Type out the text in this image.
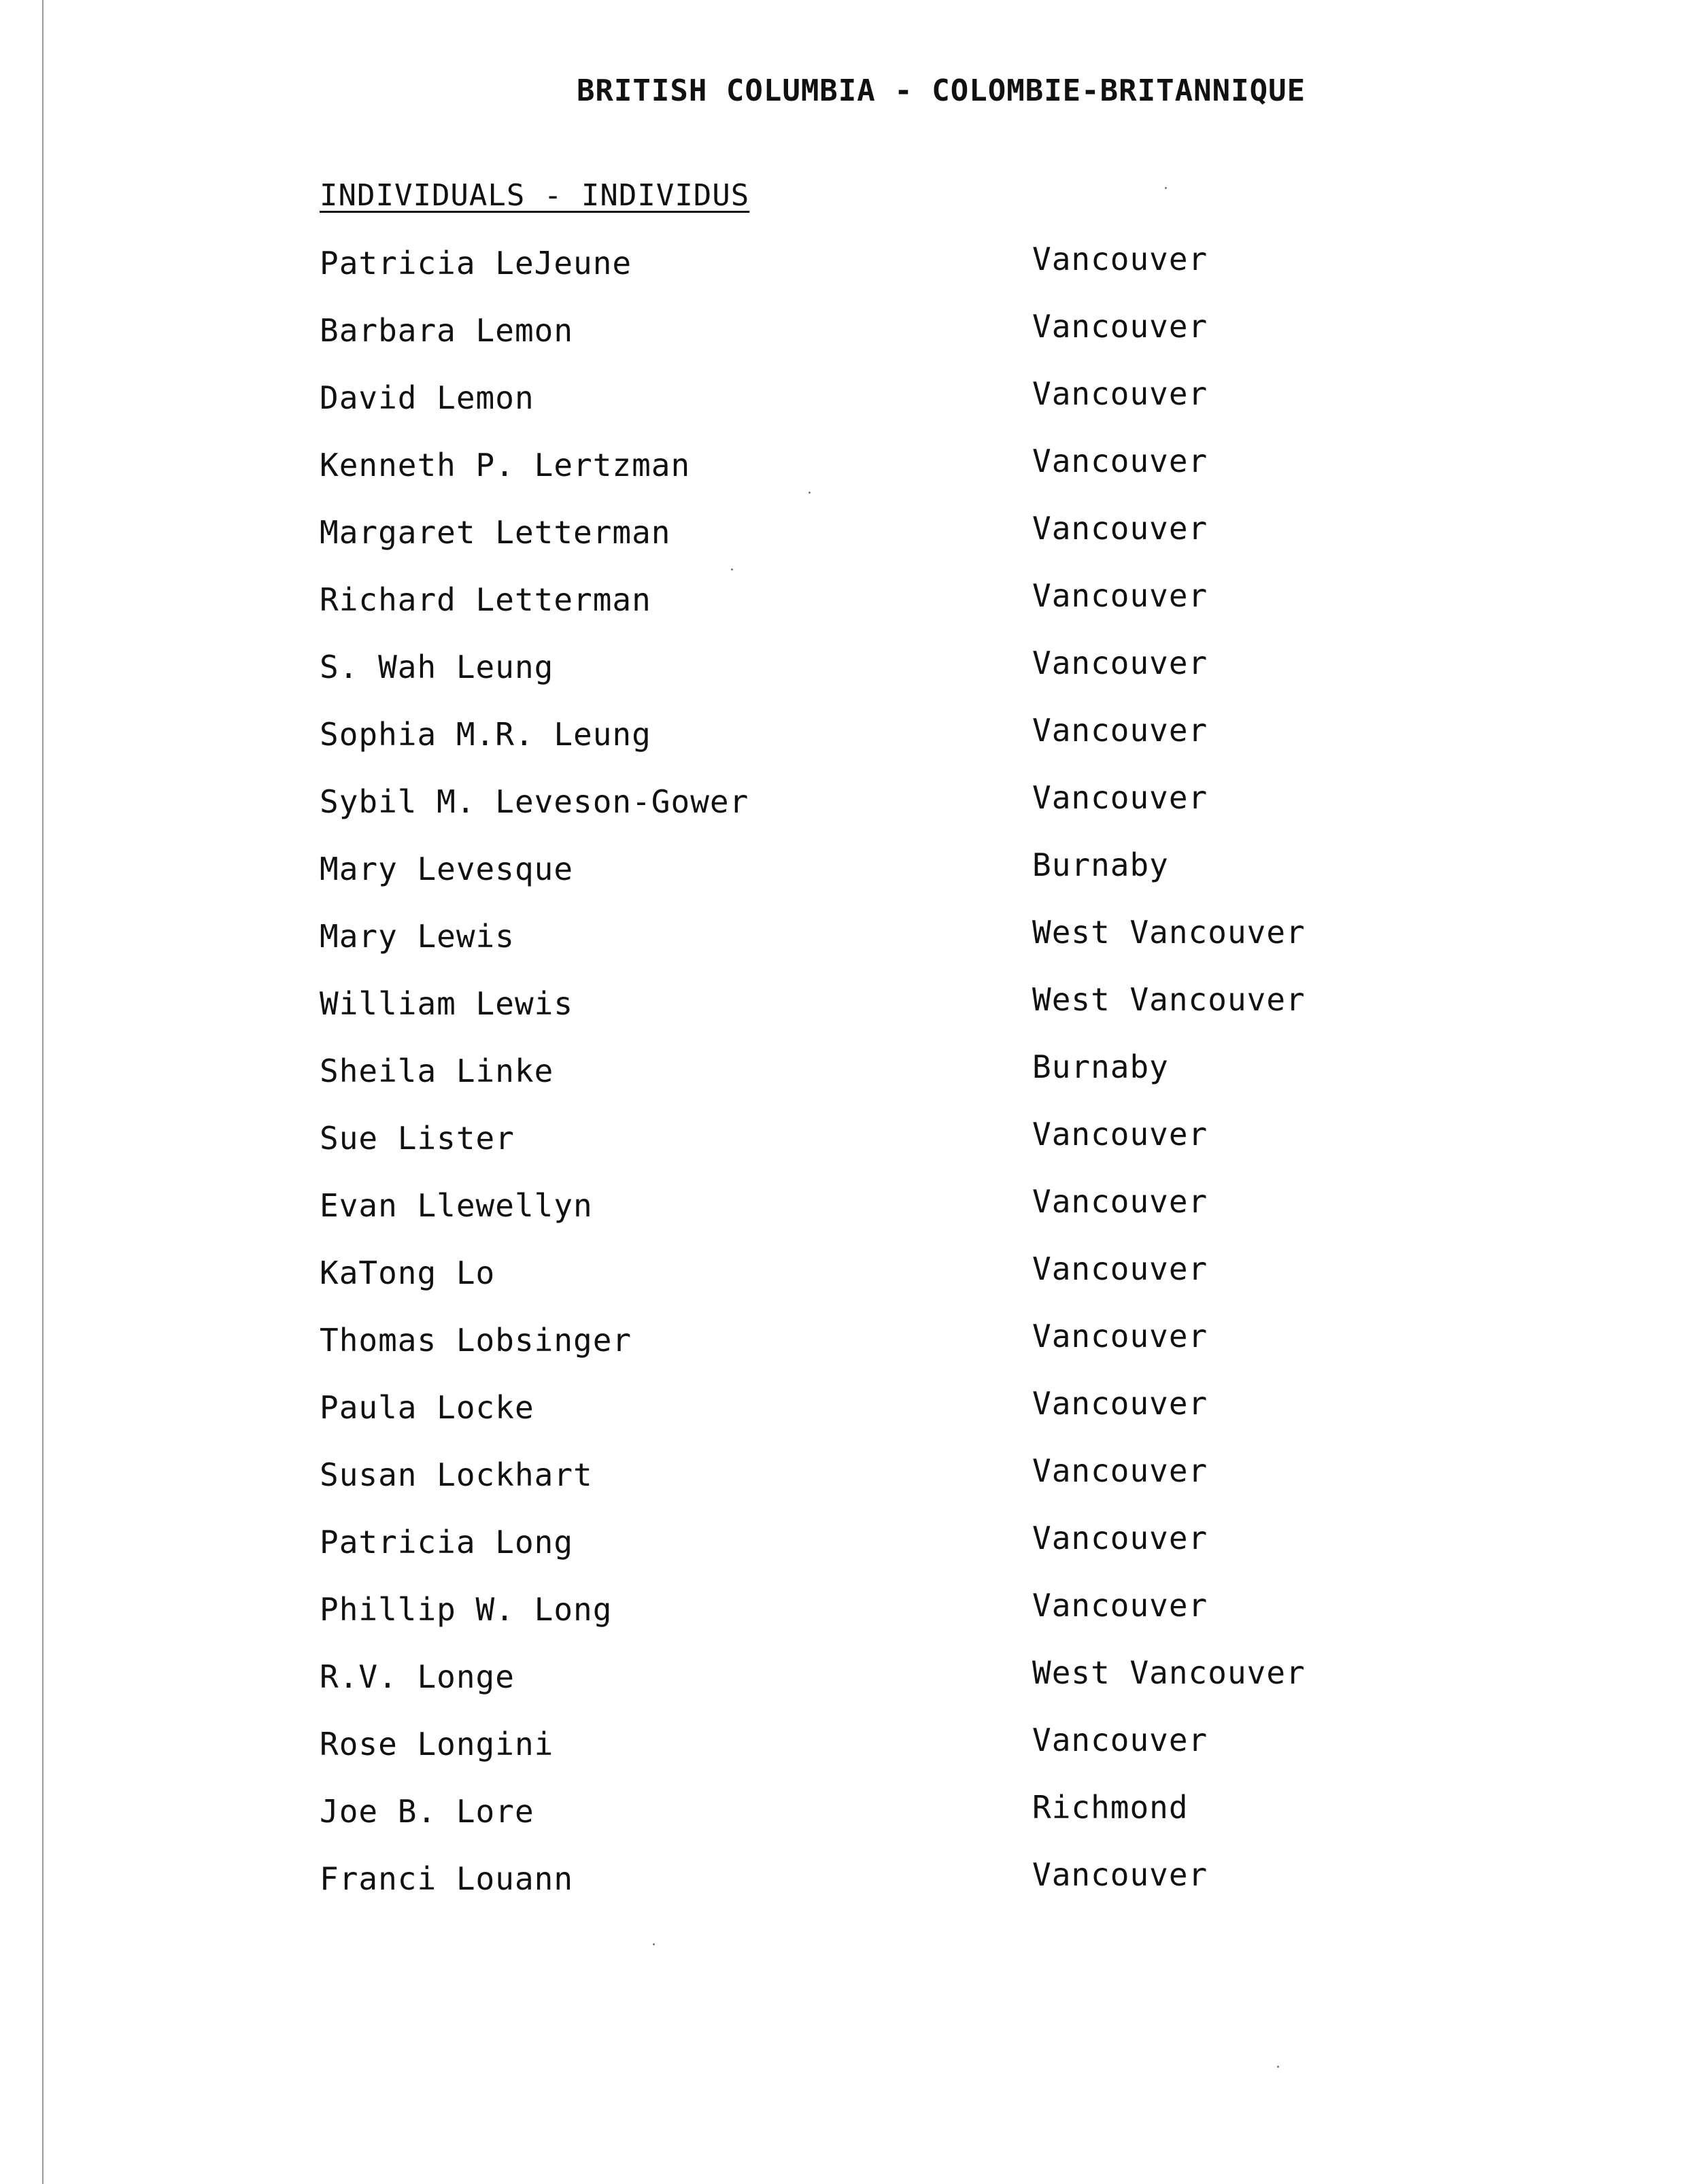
BRITISH COLUMBIA - COLOMBIE-BRITANNIQUE
INDIVIDUALS - INDIVIDUS
Patricia LeJeune	Vancouver
Barbara Lemon	Vancouver
David Lemon	Vancouver
Kenneth P. Lertzman	Vancouver
Margaret Letterman	Vancouver
Richard Letterman	Vancouver
S. Wah Leung	Vancouver
Sophia M.R. Leung	Vancouver
Sybil M. Leveson-Gower	Vancouver
Mary Levesque	Burnaby
Mary Lewis	West Vancouver
William Lewis	West Vancouver
Sheila Linke	Burnaby
Sue Lister	Vancouver
Evan Llewellyn	Vancouver
KaTong Lo	Vancouver
Thomas Lobsinger	Vancouver
Paula Locke	Vancouver
Susan Lockhart	Vancouver
Patricia Long	Vancouver
Phillip W. Long	Vancouver
R.V. Longe	West Vancouver
Rose Longini	Vancouver
Joe B. Lore	Richmond
Franci Louann	Vancouver
